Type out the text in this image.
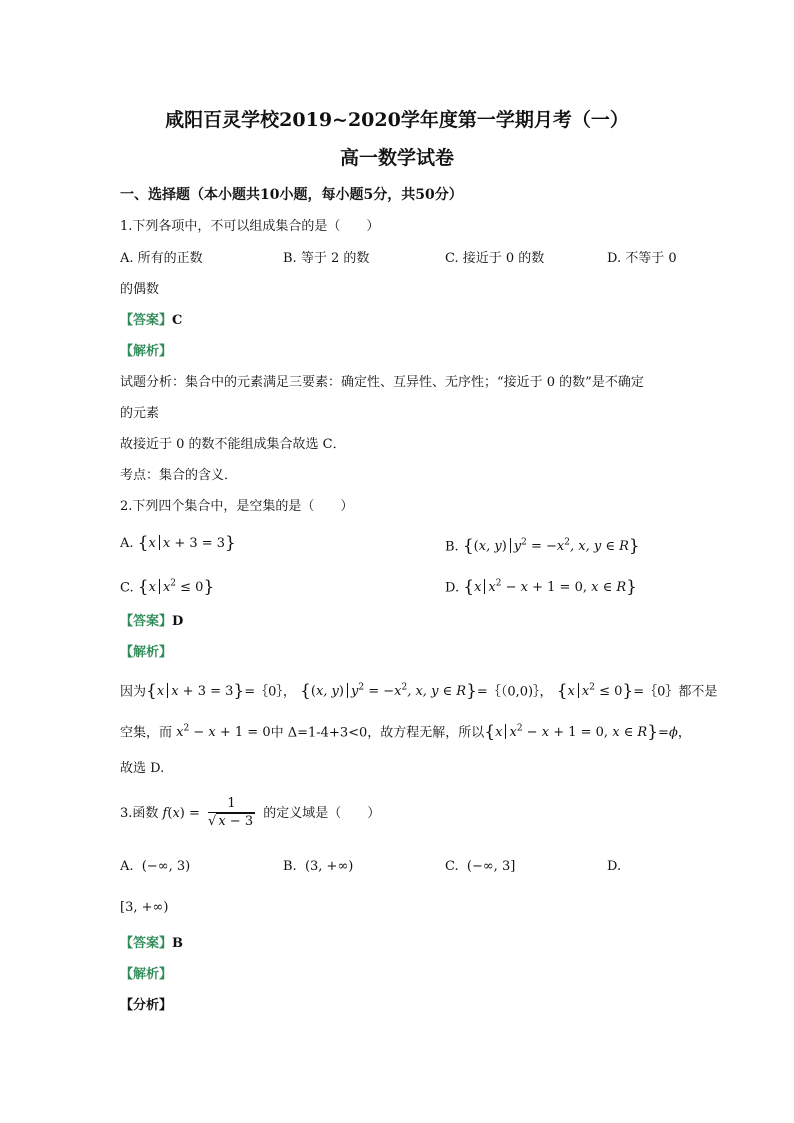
咸阳百灵学校2019~2020学年度第一学期月考（一）
高一数学试卷
一、选择题（本小题共10小题，每小题5分，共50分）
1.下列各项中，不可以组成集合的是（　　）
A. 所有的正数	B. 等于 2 的数	C. 接近于 0 的数	D. 不等于 0
的偶数
【答案】C
【解析】
试题分析：集合中的元素满足三要素：确定性、互异性、无序性；“接近于 0 的数”是不确定
的元素
故接近于 0 的数不能组成集合故选 C．
考点：集合的含义．
2.下列四个集合中，是空集的是（　　）
A. {x x + 3 = 3}	B. {(x, y) $y^2 = -x^2$, x, y ∈ R}
C. {x $x^2 \le 0$}	D. {x $x^2 - x + 1 = 0$, x ∈ R}
【答案】D
【解析】
因为{x x + 3 = 3}=｛0｝， {(x, y) $y^2 = -x^2$, x, y ∈ R}=｛（0,0)｝， {x $x^2$ ≤ 0}=｛0｝都不是
空集，而 $x^2 - x + 1 = 0$中 Δ=1-4+3<0，故方程无解，所以{x $x^2 - x + 1 = 0$, x ∈ R}=ϕ，
故选 D.
3.函数 $f(x) = \frac{1}{√ x - 3}$ 的定义域是（　　）
A. (−∞, 3)	B. (3, +∞)	C. (−∞, 3]	D.
[3, +∞)
【答案】B
【解析】
【分析】
